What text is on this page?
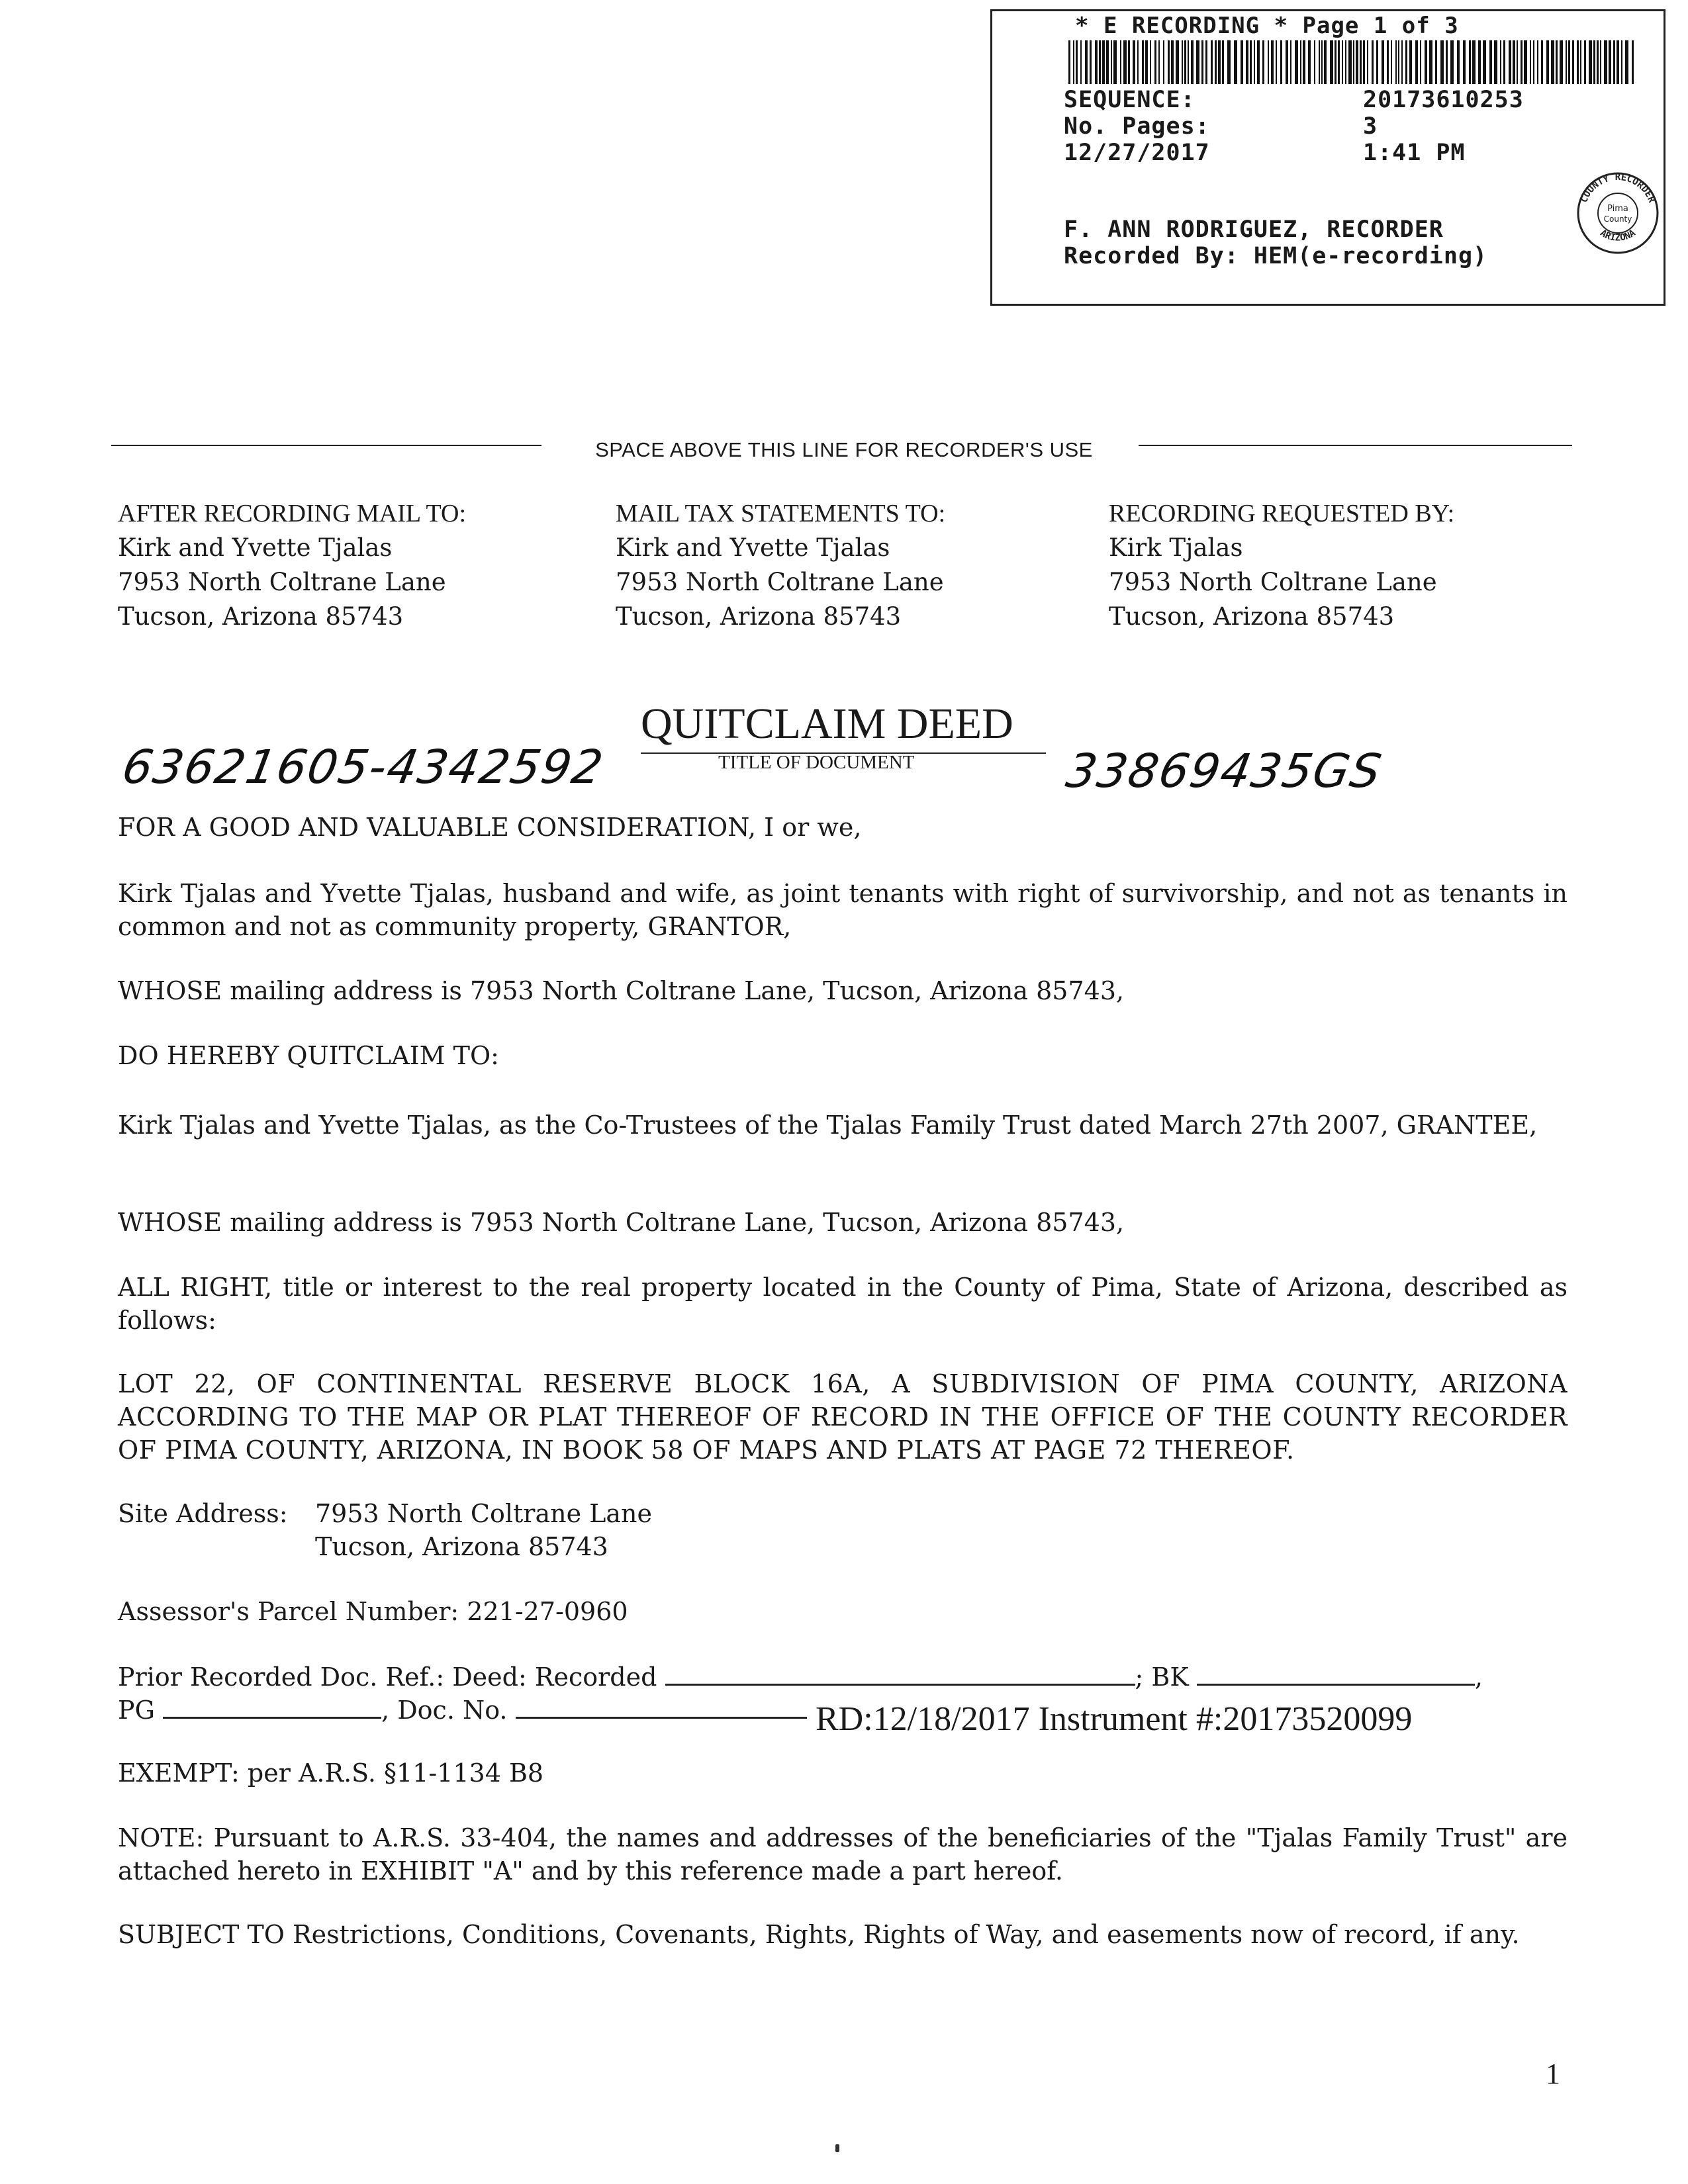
* E RECORDING * Page 1 of 3
SEQUENCE:	20173610253
No. Pages:	3
12/27/2017	1:41 PM
F. ANN RODRIGUEZ, RECORDER
Recorded By: HEM(e-recording)
COUNTY RECORDER
ARIZONA
Pima
County
SPACE ABOVE THIS LINE FOR RECORDER'S USE
AFTER RECORDING MAIL TO:
Kirk and Yvette Tjalas
7953 North Coltrane Lane
Tucson, Arizona 85743
MAIL TAX STATEMENTS TO:
Kirk and Yvette Tjalas
7953 North Coltrane Lane
Tucson, Arizona 85743
RECORDING REQUESTED BY:
Kirk Tjalas
7953 North Coltrane Lane
Tucson, Arizona 85743
QUITCLAIM DEED
TITLE OF DOCUMENT
63621605-4342592	33869435GS
FOR A GOOD AND VALUABLE CONSIDERATION, I or we,
Kirk Tjalas and Yvette Tjalas, husband and wife, as joint tenants with right of survivorship, and not as tenants in common and not as community property, GRANTOR,
WHOSE mailing address is 7953 North Coltrane Lane, Tucson, Arizona 85743,
DO HEREBY QUITCLAIM TO:
Kirk Tjalas and Yvette Tjalas, as the Co-Trustees of the Tjalas Family Trust dated March 27th 2007, GRANTEE,
WHOSE mailing address is 7953 North Coltrane Lane, Tucson, Arizona 85743,
ALL RIGHT, title or interest to the real property located in the County of Pima, State of Arizona, described as follows:
LOT 22, OF CONTINENTAL RESERVE BLOCK 16A, A SUBDIVISION OF PIMA COUNTY, ARIZONA ACCORDING TO THE MAP OR PLAT THEREOF OF RECORD IN THE OFFICE OF THE COUNTY RECORDER OF PIMA COUNTY, ARIZONA, IN BOOK 58 OF MAPS AND PLATS AT PAGE 72 THEREOF.
Site Address: 7953 North Coltrane Lane
Tucson, Arizona 85743
Assessor's Parcel Number: 221-27-0960
Prior Recorded Doc. Ref.: Deed: Recorded	; BK	,
PG	, Doc. No.	RD:12/18/2017 Instrument #:20173520099
EXEMPT: per A.R.S. §11-1134 B8
NOTE: Pursuant to A.R.S. 33-404, the names and addresses of the beneficiaries of the "Tjalas Family Trust" are attached hereto in EXHIBIT "A" and by this reference made a part hereof.
SUBJECT TO Restrictions, Conditions, Covenants, Rights, Rights of Way, and easements now of record, if any.
1
